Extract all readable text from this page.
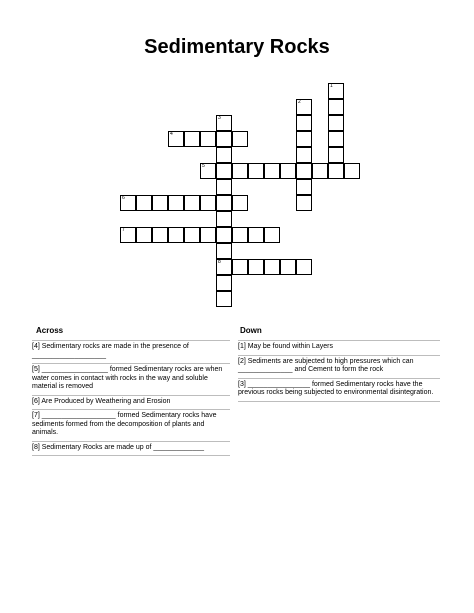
Sedimentary Rocks
4
5
6
7
8
1
2
3
Across	Down
[4] Sedimentary rocks are made in the presence of ___________________
[5] _________________ formed Sedimentary rocks are when water comes in contact with rocks in the way and soluble material is removed
[6] Are Produced by Weathering and Erosion
[7] ___________________ formed Sedimentary rocks have sediments formed from the decomposition of plants and animals.
[8] Sedimentary Rocks are made up of _____________
[1] May be found within Layers
[2] Sediments are subjected to high pressures which can ______________ and Cement to form the rock
[3] ________________ formed Sedimentary rocks have the previous rocks being subjected to environmental disintegration.
